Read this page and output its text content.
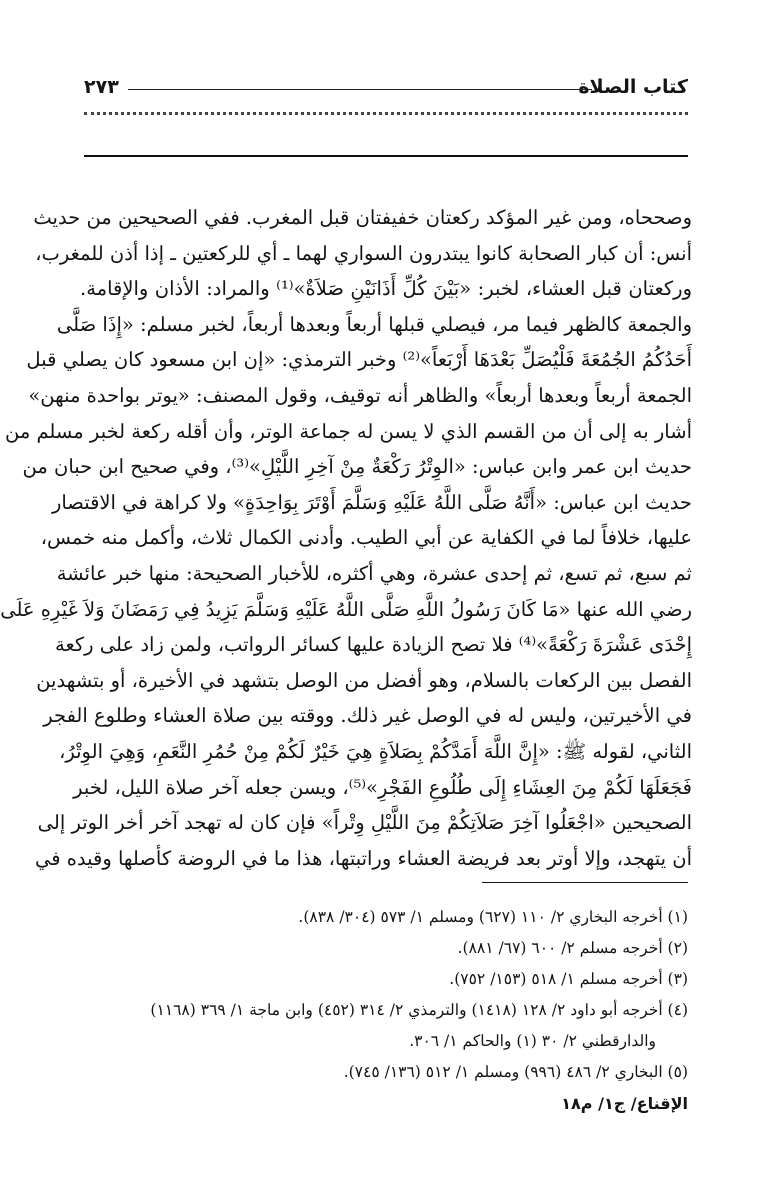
كتاب الصلاة
٢٧٣
وصححاه، ومن غير المؤكد ركعتان خفيفتان قبل المغرب. ففي الصحيحين من حديث
أنس: أن كبار الصحابة كانوا يبتدرون السواري لهما ـ أي للركعتين ـ إذا أذن للمغرب،
وركعتان قبل العشاء، لخبر: «بَيْنَ كُلِّ أَذَانَيْنِ صَلاَةٌ»⁽¹⁾ والمراد: الأذان والإقامة.
والجمعة كالظهر فيما مر، فيصلي قبلها أربعاً وبعدها أربعاً، لخبر مسلم: «إِذَا صَلَّى
أَحَدُكُمُ الجُمُعَةَ فَلْيُصَلِّ بَعْدَهَا أَرْبَعاً»⁽²⁾ وخبر الترمذي: «إن ابن مسعود كان يصلي قبل
الجمعة أربعاً وبعدها أربعاً» والظاهر أنه توقيف، وقول المصنف: «يوتر بواحدة منهن»
أشار به إلى أن من القسم الذي لا يسن له جماعة الوتر، وأن أقله ركعة لخبر مسلم من
حديث ابن عمر وابن عباس: «الوِتْرُ رَكْعَةٌ مِنْ آخِرِ اللَّيْلِ»⁽³⁾، وفي صحيح ابن حبان من
حديث ابن عباس: «أَنَّهُ صَلَّى اللَّهُ عَلَيْهِ وَسَلَّمَ أَوْتَرَ بِوَاحِدَةٍ» ولا كراهة في الاقتصار
عليها، خلافاً لما في الكفاية عن أبي الطيب. وأدنى الكمال ثلاث، وأكمل منه خمس،
ثم سبع، ثم تسع، ثم إحدى عشرة، وهي أكثره، للأخبار الصحيحة: منها خبر عائشة
رضي الله عنها «مَا كَانَ رَسُولُ اللَّهِ صَلَّى اللَّهُ عَلَيْهِ وَسَلَّمَ يَزِيدُ فِي رَمَضَانَ وَلاَ غَيْرِهِ عَلَى
إِحْدَى عَشْرَةَ رَكْعَةً»⁽⁴⁾ فلا تصح الزيادة عليها كسائر الرواتب، ولمن زاد على ركعة
الفصل بين الركعات بالسلام، وهو أفضل من الوصل بتشهد في الأخيرة، أو بتشهدين
في الأخيرتين، وليس له في الوصل غير ذلك. ووقته بين صلاة العشاء وطلوع الفجر
الثاني، لقوله ﷺ: «إِنَّ اللَّهَ أَمَدَّكُمْ بِصَلاَةٍ هِيَ خَيْرٌ لَكُمْ مِنْ حُمُرِ النَّعَمِ، وَهِيَ الوِتْرُ،
فَجَعَلَهَا لَكُمْ مِنَ العِشَاءِ إِلَى طُلُوعِ الفَجْرِ»⁽⁵⁾، ويسن جعله آخر صلاة الليل، لخبر
الصحيحين «اجْعَلُوا آخِرَ صَلاَتِكُمْ مِنَ اللَّيْلِ وِتْراً» فإن كان له تهجد آخر أخر الوتر إلى
أن يتهجد، وإلا أوتر بعد فريضة العشاء وراتبتها، هذا ما في الروضة كأصلها وقيده في
(١) أخرجه البخاري ٢/ ١١٠ (٦٢٧) ومسلم ١/ ٥٧٣ (٣٠٤/ ٨٣٨).
(٢) أخرجه مسلم ٢/ ٦٠٠ (٦٧/ ٨٨١).
(٣) أخرجه مسلم ١/ ٥١٨ (١٥٣/ ٧٥٢).
(٤) أخرجه أبو داود ٢/ ١٢٨ (١٤١٨) والترمذي ٢/ ٣١٤ (٤٥٢) وابن ماجة ١/ ٣٦٩ (١١٦٨)
والدارقطني ٢/ ٣٠ (١) والحاكم ١/ ٣٠٦.
(٥) البخاري ٢/ ٤٨٦ (٩٩٦) ومسلم ١/ ٥١٢ (١٣٦/ ٧٤٥).
الإقناع/ ج١/ م١٨
